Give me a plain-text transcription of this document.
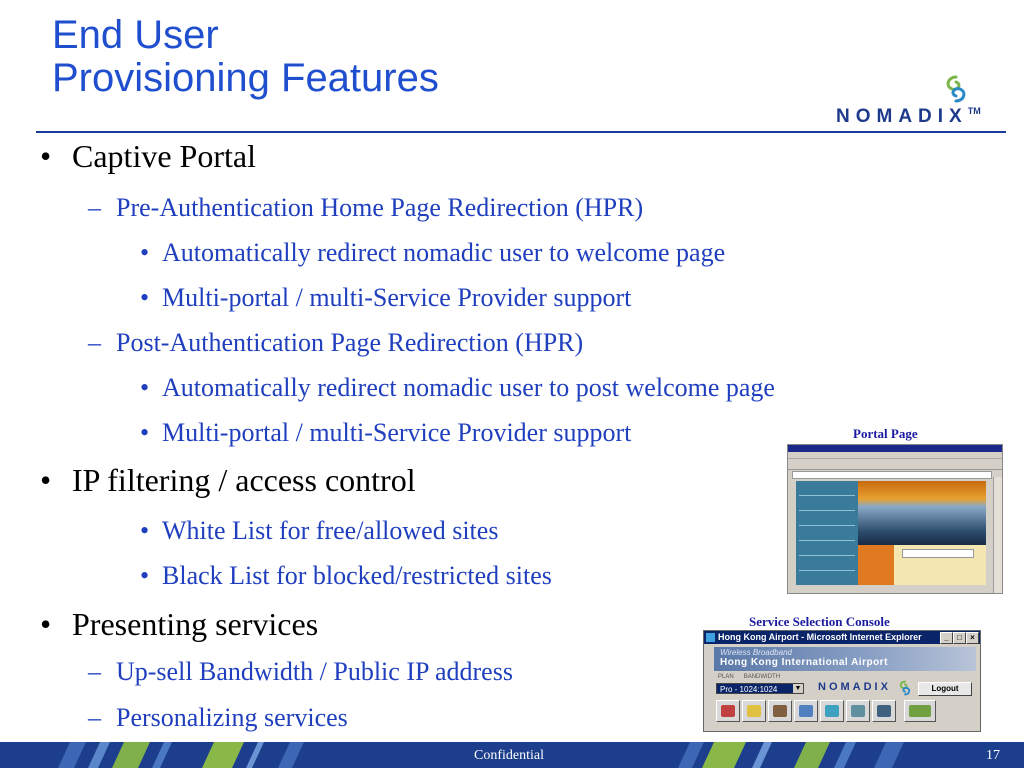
End User
Provisioning Features
NOMADIX™
• Captive Portal
– Pre-Authentication Home Page Redirection (HPR)
• Automatically redirect nomadic user to welcome page
• Multi-portal / multi-Service Provider support
– Post-Authentication Page Redirection (HPR)
• Automatically redirect nomadic user to post welcome page
• Multi-portal / multi-Service Provider support
• IP filtering / access control
• White List for free/allowed sites
• Black List for blocked/restricted sites
• Presenting services
– Up-sell Bandwidth / Public IP address
– Personalizing services
Portal Page
Service Selection Console
Hong Kong Airport - Microsoft Internet Explorer	_	□	×
Wireless Broadband
Hong Kong International Airport
PLAN BANDWIDTH
Pro - 1024:1024 ▼ NOMADIX	Logout
Confidential	17
